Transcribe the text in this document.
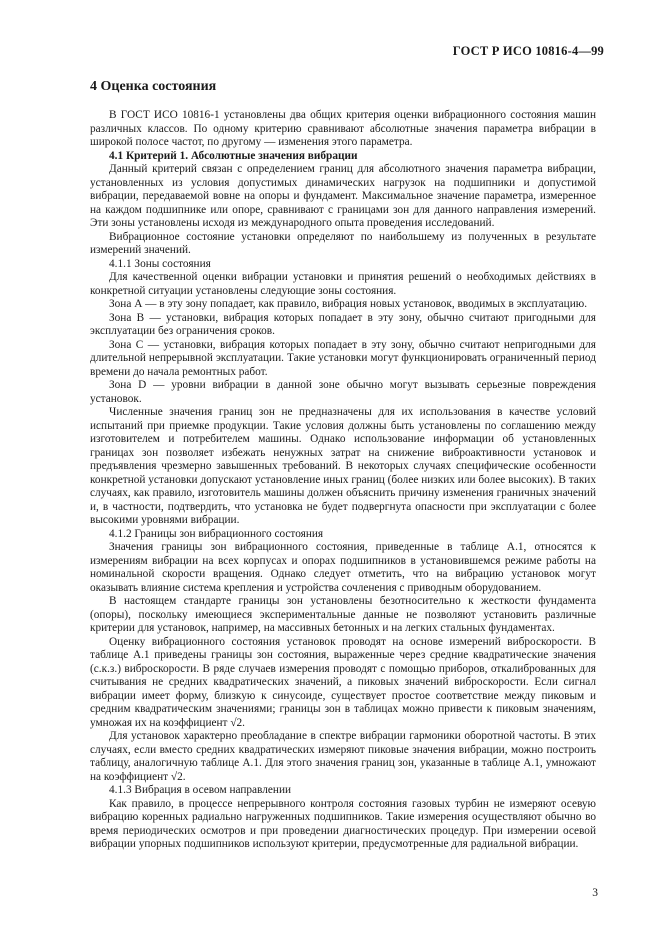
ГОСТ Р ИСО 10816-4—99
4 Оценка состояния

В ГОСТ ИСО 10816-1 установлены два общих критерия оценки вибрационного состояния машин различных классов. По одному критерию сравнивают абсолютные значения параметра вибрации в широкой полосе частот, по другому — изменения этого параметра.

4.1 Критерий 1. Абсолютные значения вибрации

Данный критерий связан с определением границ для абсолютного значения параметра вибрации, установленных из условия допустимых динамических нагрузок на подшипники и допустимой вибрации, передаваемой вовне на опоры и фундамент. Максимальное значение параметра, измеренное на каждом подшипнике или опоре, сравнивают с границами зон для данного направления измерений. Эти зоны установлены исходя из международного опыта проведения исследований.

Вибрационное состояние установки определяют по наибольшему из полученных в результате измерений значений.

4.1.1 Зоны состояния

Для качественной оценки вибрации установки и принятия решений о необходимых действиях в конкретной ситуации установлены следующие зоны состояния.

Зона А — в эту зону попадает, как правило, вибрация новых установок, вводимых в эксплуатацию.

Зона В — установки, вибрация которых попадает в эту зону, обычно считают пригодными для эксплуатации без ограничения сроков.

Зона С — установки, вибрация которых попадает в эту зону, обычно считают непригодными для длительной непрерывной эксплуатации. Такие установки могут функционировать ограниченный период времени до начала ремонтных работ.

Зона D — уровни вибрации в данной зоне обычно могут вызывать серьезные повреждения установок.

Численные значения границ зон не предназначены для их использования в качестве условий испытаний при приемке продукции. Такие условия должны быть установлены по соглашению между изготовителем и потребителем машины. Однако использование информации об установленных границах зон позволяет избежать ненужных затрат на снижение виброактивности установок и предъявления чрезмерно завышенных требований. В некоторых случаях специфические особенности конкретной установки допускают установление иных границ (более низких или более высоких). В таких случаях, как правило, изготовитель машины должен объяснить причину изменения граничных значений и, в частности, подтвердить, что установка не будет подвергнута опасности при эксплуатации с более высокими уровнями вибрации.

4.1.2 Границы зон вибрационного состояния

Значения границы зон вибрационного состояния, приведенные в таблице А.1, относятся к измерениям вибрации на всех корпусах и опорах подшипников в установившемся режиме работы на номинальной скорости вращения. Однако следует отметить, что на вибрацию установок могут оказывать влияние система крепления и устройства сочленения с приводным оборудованием.

В настоящем стандарте границы зон установлены безотносительно к жесткости фундамента (опоры), поскольку имеющиеся экспериментальные данные не позволяют установить различные критерии для установок, например, на массивных бетонных и на легких стальных фундаментах.

Оценку вибрационного состояния установок проводят на основе измерений виброскорости. В таблице А.1 приведены границы зон состояния, выраженные через средние квадратические значения (с.к.з.) виброскорости. В ряде случаев измерения проводят с помощью приборов, откалиброванных для считывания не средних квадратических значений, а пиковых значений виброскорости. Если сигнал вибрации имеет форму, близкую к синусоиде, существует простое соответствие между пиковым и средним квадратическим значениями; границы зон в таблицах можно привести к пиковым значениям, умножая их на коэффициент √2.

Для установок характерно преобладание в спектре вибрации гармоники оборотной частоты. В этих случаях, если вместо средних квадратических измеряют пиковые значения вибрации, можно построить таблицу, аналогичную таблице А.1. Для этого значения границ зон, указанные в таблице А.1, умножают на коэффициент √2.

4.1.3 Вибрация в осевом направлении

Как правило, в процессе непрерывного контроля состояния газовых турбин не измеряют осевую вибрацию коренных радиально нагруженных подшипников. Такие измерения осуществляют обычно во время периодических осмотров и при проведении диагностических процедур. При измерении осевой вибрации упорных подшипников используют критерии, предусмотренные для радиальной вибрации.

3
